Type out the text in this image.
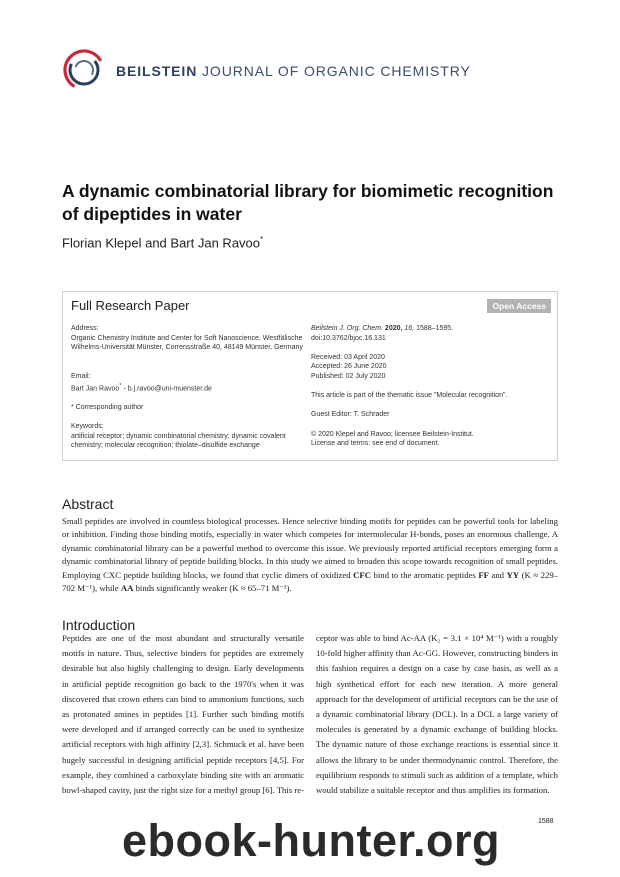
BEILSTEIN JOURNAL OF ORGANIC CHEMISTRY
A dynamic combinatorial library for biomimetic recognition of dipeptides in water
Florian Klepel and Bart Jan Ravoo*
Full Research Paper	Open Access

Address:

Organic Chemistry Institute and Center for Soft Nanoscience, Westfälische Wilhelms-Universität Münster, Corrensstraße 40, 48149 Münster, Germany

Email:

Bart Jan Ravoo* - b.j.ravoo@uni-muenster.de

* Corresponding author

Keywords:

artificial receptor; dynamic combinatorial chemistry; dynamic covalent chemistry; molecular recognition; thiolate–disulfide exchange

Beilstein J. Org. Chem. 2020, 16, 1588–1595.

doi:10.3762/bjoc.16.131

Received: 03 April 2020

Accepted: 26 June 2020

Published: 02 July 2020

This article is part of the thematic issue "Molecular recognition".

Guest Editor: T. Schrader

© 2020 Klepel and Ravoo; licensee Beilstein-Institut.

License and terms: see end of document.

Abstract

Small peptides are involved in countless biological processes. Hence selective binding motifs for peptides can be powerful tools for labeling or inhibition. Finding those binding motifs, especially in water which competes for intermolecular H-bonds, poses an enormous challenge. A dynamic combinatorial library can be a powerful method to overcome this issue. We previously reported artificial receptors emerging form a dynamic combinatorial library of peptide building blocks. In this study we aimed to broaden this scope towards recognition of small peptides. Employing CXC peptide building blocks, we found that cyclic dimers of oxidized CFC bind to the aromatic peptides FF and YY (K ≈ 229–702 M⁻¹), while AA binds significantly weaker (K ≈ 65–71 M⁻¹).

Introduction

Peptides are one of the most abundant and structurally versatile motifs in nature. Thus, selective binders for peptides are extremely desirable but also highly challenging to design. Early developments in artificial peptide recognition go back to the 1970's when it was discovered that crown ethers can bind to ammonium functions, such as protonated amines in peptides [1]. Further such binding motifs were developed and if arranged correctly can be used to synthesize artificial receptors with high affinity [2,3]. Schmuck et al. have been hugely successful in designing artificial peptide receptors [4,5]. For example, they combined a carboxylate binding site with an aromatic bowl-shaped cavity, just the right size for a methyl group [6]. This re-

ceptor was able to bind Ac-AA (K₂ = 3.1 × 10⁴ M⁻¹) with a roughly 10-fold higher affinity than Ac-GG. However, constructing binders in this fashion requires a design on a case by case basis, as well as a high synthetical effort for each new iteration. A more general approach for the development of artificial receptors can be the use of a dynamic combinatorial library (DCL). In a DCL a large variety of molecules is generated by a dynamic exchange of building blocks. The dynamic nature of those exchange reactions is essential since it allows the library to be under thermodynamic control. Therefore, the equilibrium responds to stimuli such as addition of a template, which would stabilize a suitable receptor and thus amplifies its formation.

1588
ebook-hunter.org
